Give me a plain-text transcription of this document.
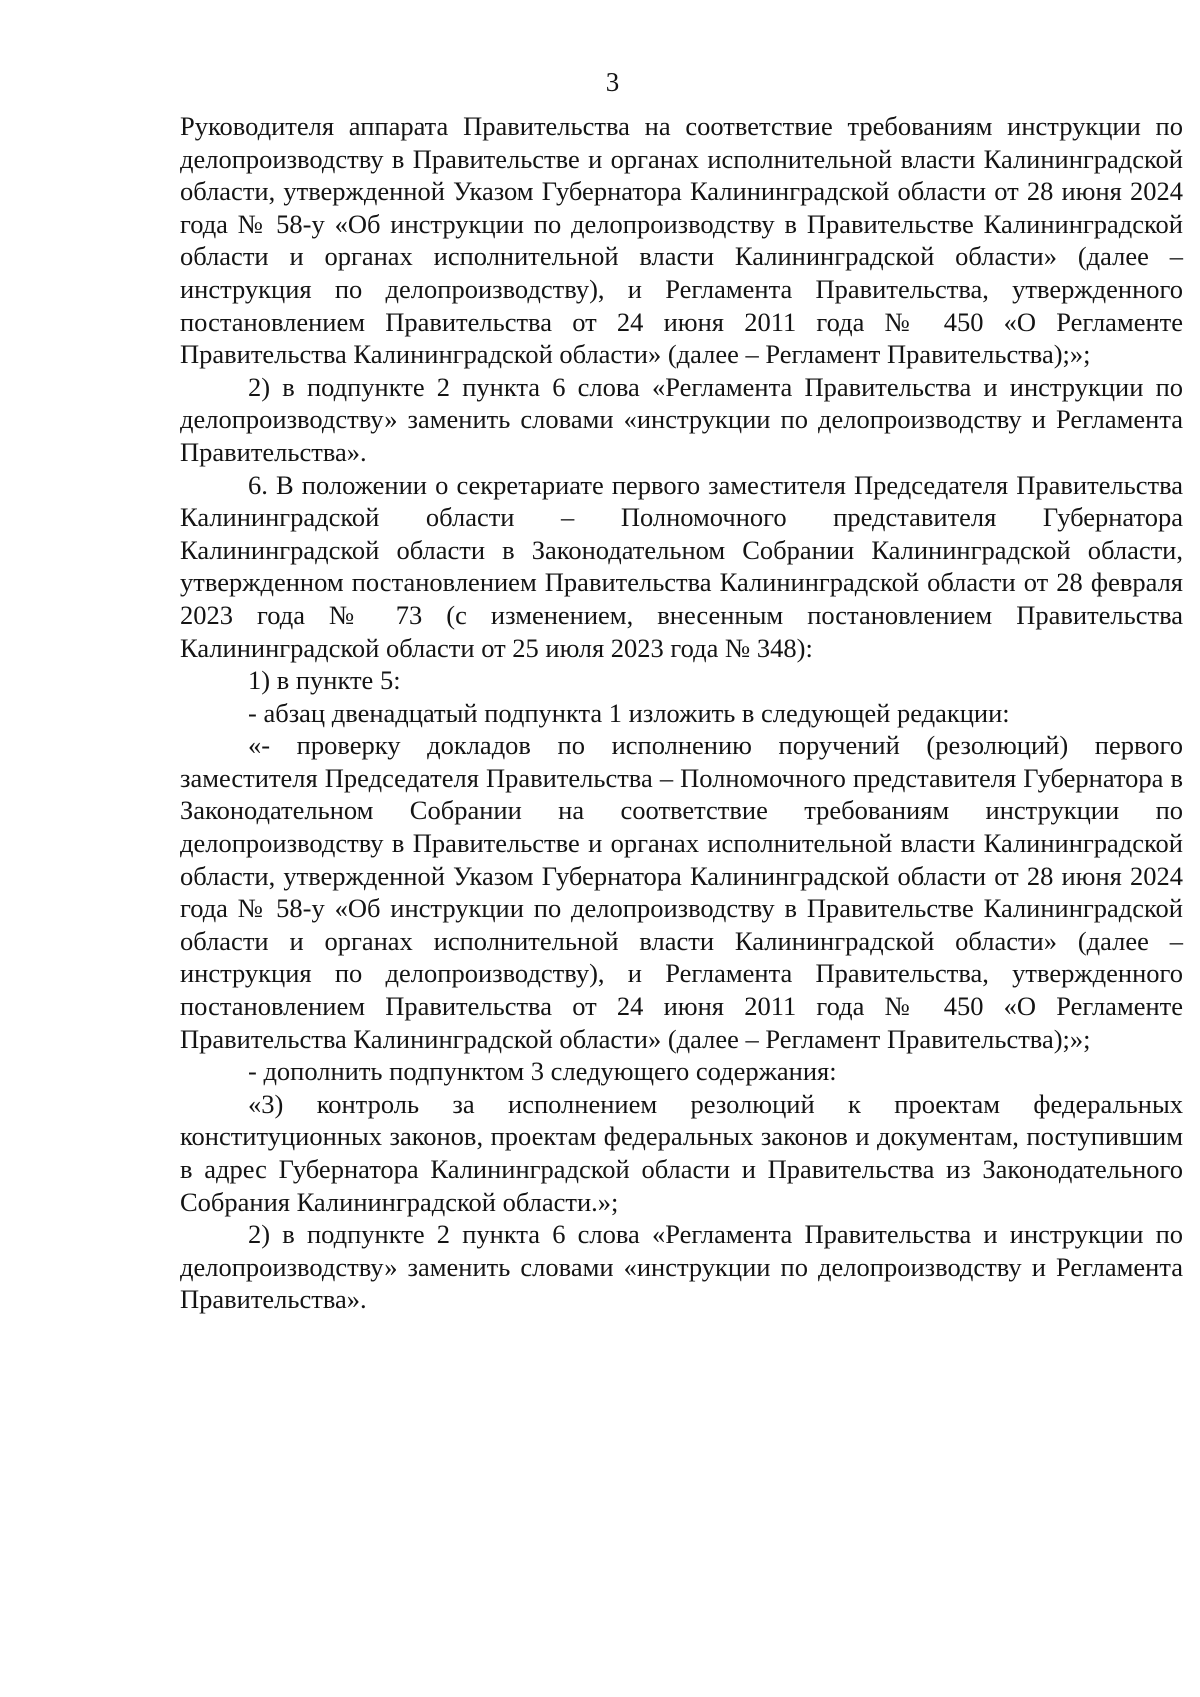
3

Руководителя аппарата Правительства на соответствие требованиям инструкции по делопроизводству в Правительстве и органах исполнительной власти Калининградской области, утвержденной Указом Губернатора Калининградской области от 28 июня 2024 года № 58-у «Об инструкции по делопроизводству в Правительстве Калининградской области и органах исполнительной власти Калининградской области» (далее – инструкция по делопроизводству), и Регламента Правительства, утвержденного постановлением Правительства от 24 июня 2011 года № 450 «О Регламенте Правительства Калининградской области» (далее – Регламент Правительства);»;

2) в подпункте 2 пункта 6 слова «Регламента Правительства и инструкции по делопроизводству» заменить словами «инструкции по делопроизводству и Регламента Правительства».

6. В положении о секретариате первого заместителя Председателя Правительства Калининградской области – Полномочного представителя Губернатора Калининградской области в Законодательном Собрании Калининградской области, утвержденном постановлением Правительства Калининградской области от 28 февраля 2023 года № 73 (с изменением, внесенным постановлением Правительства Калининградской области от 25 июля 2023 года № 348):

1) в пункте 5:

- абзац двенадцатый подпункта 1 изложить в следующей редакции:

«- проверку докладов по исполнению поручений (резолюций) первого заместителя Председателя Правительства – Полномочного представителя Губернатора в Законодательном Собрании на соответствие требованиям инструкции по делопроизводству в Правительстве и органах исполнительной власти Калининградской области, утвержденной Указом Губернатора Калининградской области от 28 июня 2024 года № 58-у «Об инструкции по делопроизводству в Правительстве Калининградской области и органах исполнительной власти Калининградской области» (далее – инструкция по делопроизводству), и Регламента Правительства, утвержденного постановлением Правительства от 24 июня 2011 года № 450 «О Регламенте Правительства Калининградской области» (далее – Регламент Правительства);»;

- дополнить подпунктом 3 следующего содержания:

«3) контроль за исполнением резолюций к проектам федеральных конституционных законов, проектам федеральных законов и документам, поступившим в адрес Губернатора Калининградской области и Правительства из Законодательного Собрания Калининградской области.»;

2) в подпункте 2 пункта 6 слова «Регламента Правительства и инструкции по делопроизводству» заменить словами «инструкции по делопроизводству и Регламента Правительства».
